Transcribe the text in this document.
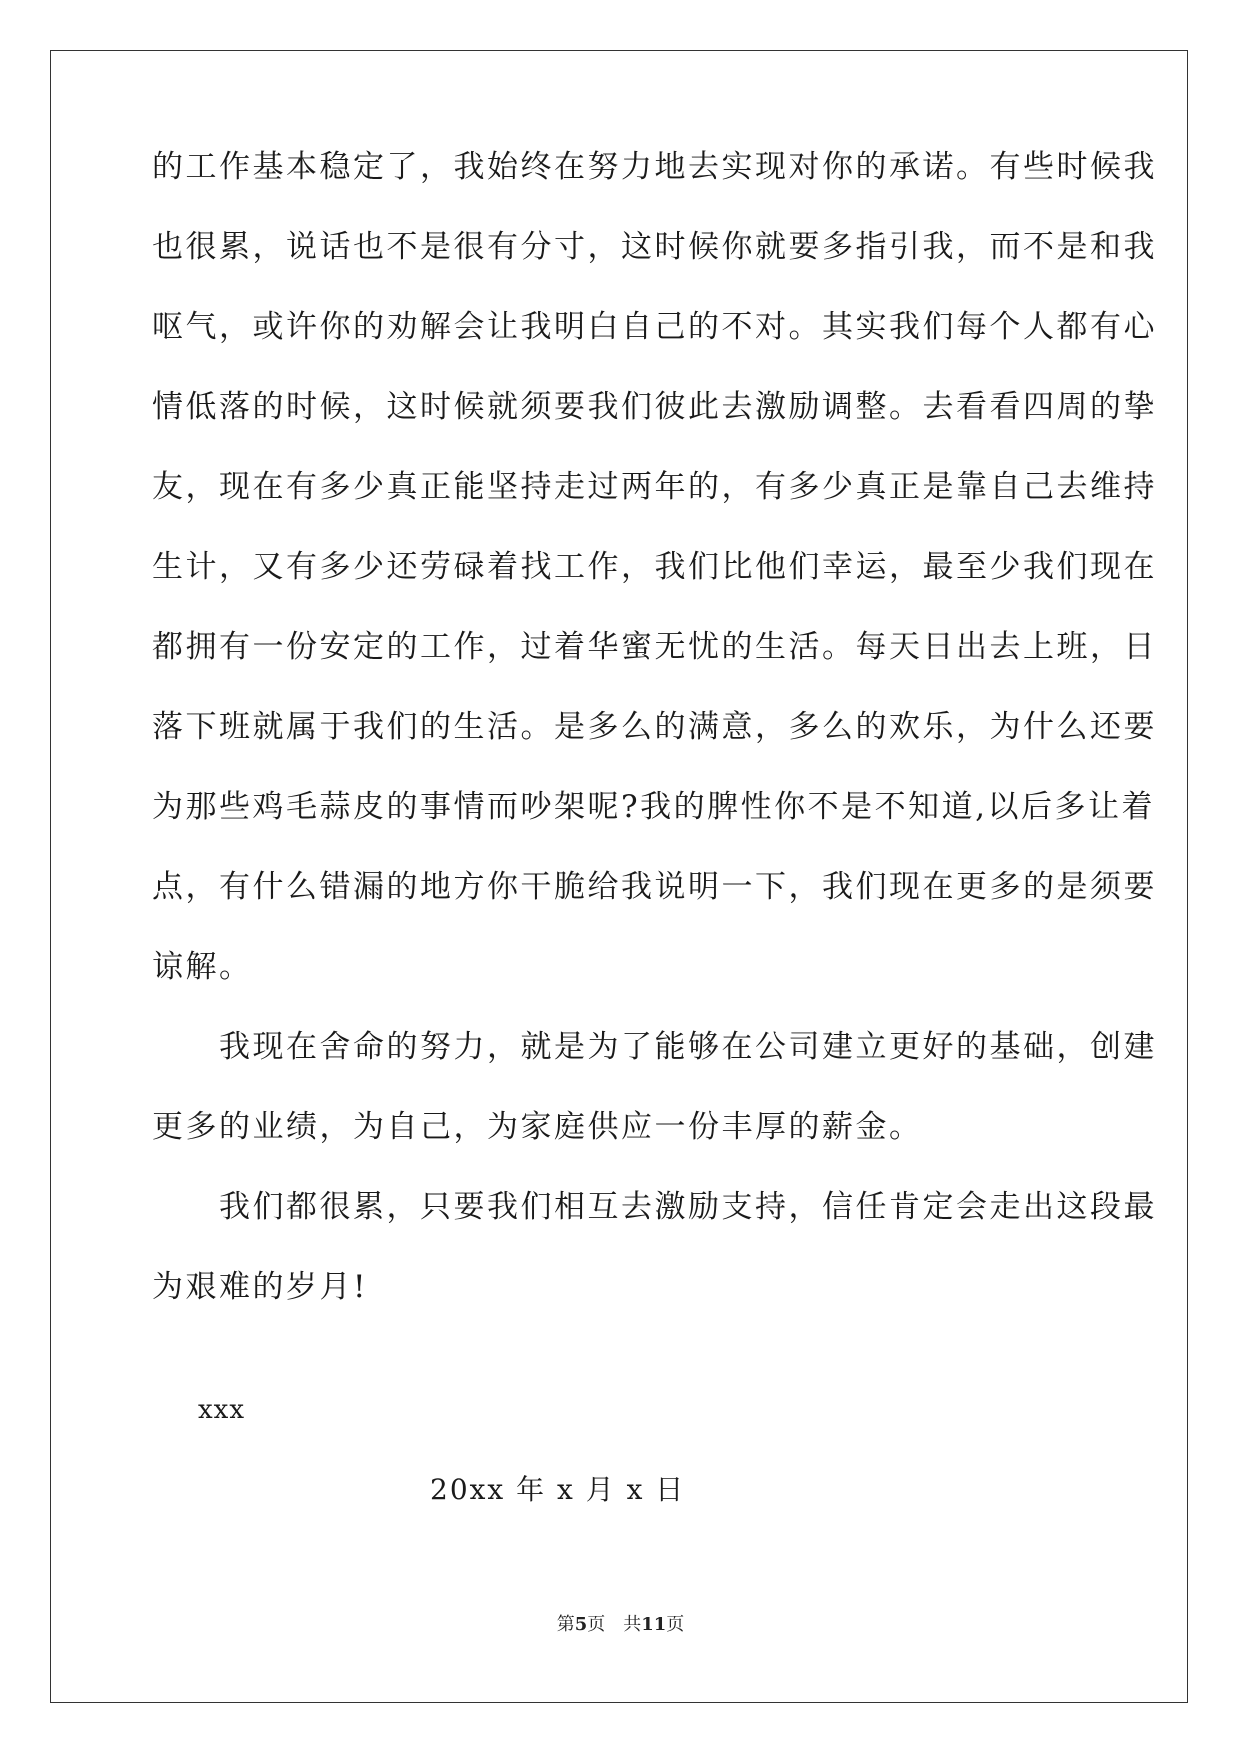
的工作基本稳定了，我始终在努力地去实现对你的承诺。有些时候我
也很累，说话也不是很有分寸，这时候你就要多指引我，而不是和我
呕气，或许你的劝解会让我明白自己的不对。其实我们每个人都有心
情低落的时候，这时候就须要我们彼此去激励调整。去看看四周的挚
友，现在有多少真正能坚持走过两年的，有多少真正是靠自己去维持
生计，又有多少还劳碌着找工作，我们比他们幸运，最至少我们现在
都拥有一份安定的工作，过着华蜜无忧的生活。每天日出去上班，日
落下班就属于我们的生活。是多么的满意，多么的欢乐，为什么还要
为那些鸡毛蒜皮的事情而吵架呢?我的脾性你不是不知道,以后多让着
点，有什么错漏的地方你干脆给我说明一下，我们现在更多的是须要
谅解。
　　我现在舍命的努力，就是为了能够在公司建立更好的基础，创建
更多的业绩，为自己，为家庭供应一份丰厚的薪金。
　　我们都很累，只要我们相互去激励支持，信任肯定会走出这段最
为艰难的岁月!
xxx
20xx 年 x 月 x 日
第5页　共11页
